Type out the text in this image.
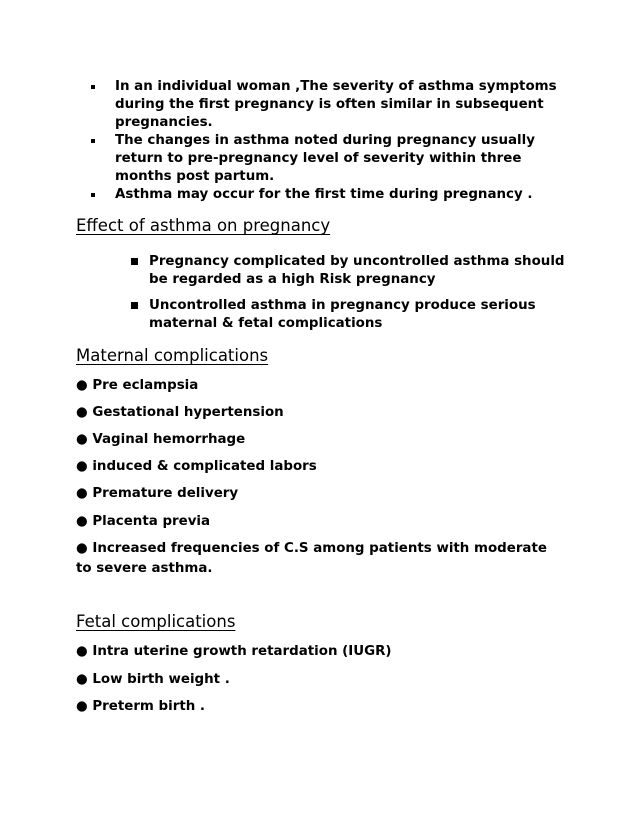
In an individual woman ,The severity of asthma symptoms during the first pregnancy is often similar in subsequent pregnancies.
The changes in asthma noted during pregnancy usually return to pre-pregnancy level of severity within three months post partum.
Asthma may occur for the first time during pregnancy .
Effect of asthma on pregnancy
Pregnancy complicated by uncontrolled asthma should be regarded as a high Risk pregnancy
Uncontrolled asthma in pregnancy produce serious maternal & fetal complications
Maternal complications

● Pre eclampsia

● Gestational hypertension

● Vaginal hemorrhage

● induced & complicated labors

● Premature delivery

● Placenta previa

● Increased frequencies of C.S among patients with moderate to severe asthma.

Fetal complications

● Intra uterine growth retardation (IUGR)

● Low birth weight .

● Preterm birth .
